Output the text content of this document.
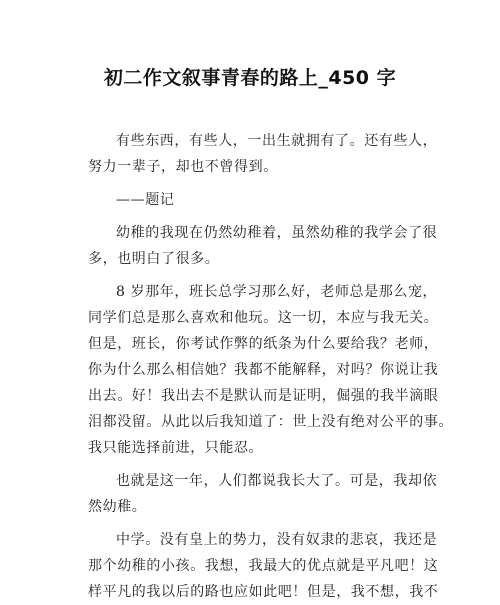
初二作文叙事青春的路上_450 字
有些东西，有些人，一出生就拥有了。还有些人，
努力一辈子，却也不曾得到。
——题记
幼稚的我现在仍然幼稚着，虽然幼稚的我学会了很
多，也明白了很多。
8 岁那年，班长总学习那么好，老师总是那么宠，
同学们总是那么喜欢和他玩。这一切，本应与我无关。
但是，班长，你考试作弊的纸条为什么要给我？老师，
你为什么那么相信她？我都不能解释，对吗？你说让我
出去。好！我出去不是默认而是证明，倔强的我半滴眼
泪都没留。从此以后我知道了：世上没有绝对公平的事。
我只能选择前进，只能忍。
也就是这一年，人们都说我长大了。可是，我却依
然幼稚。
中学。没有皇上的势力，没有奴隶的悲哀，我还是
那个幼稚的小孩。我想，我最大的优点就是平凡吧！这
样平凡的我以后的路也应如此吧！但是，我不想，我不
